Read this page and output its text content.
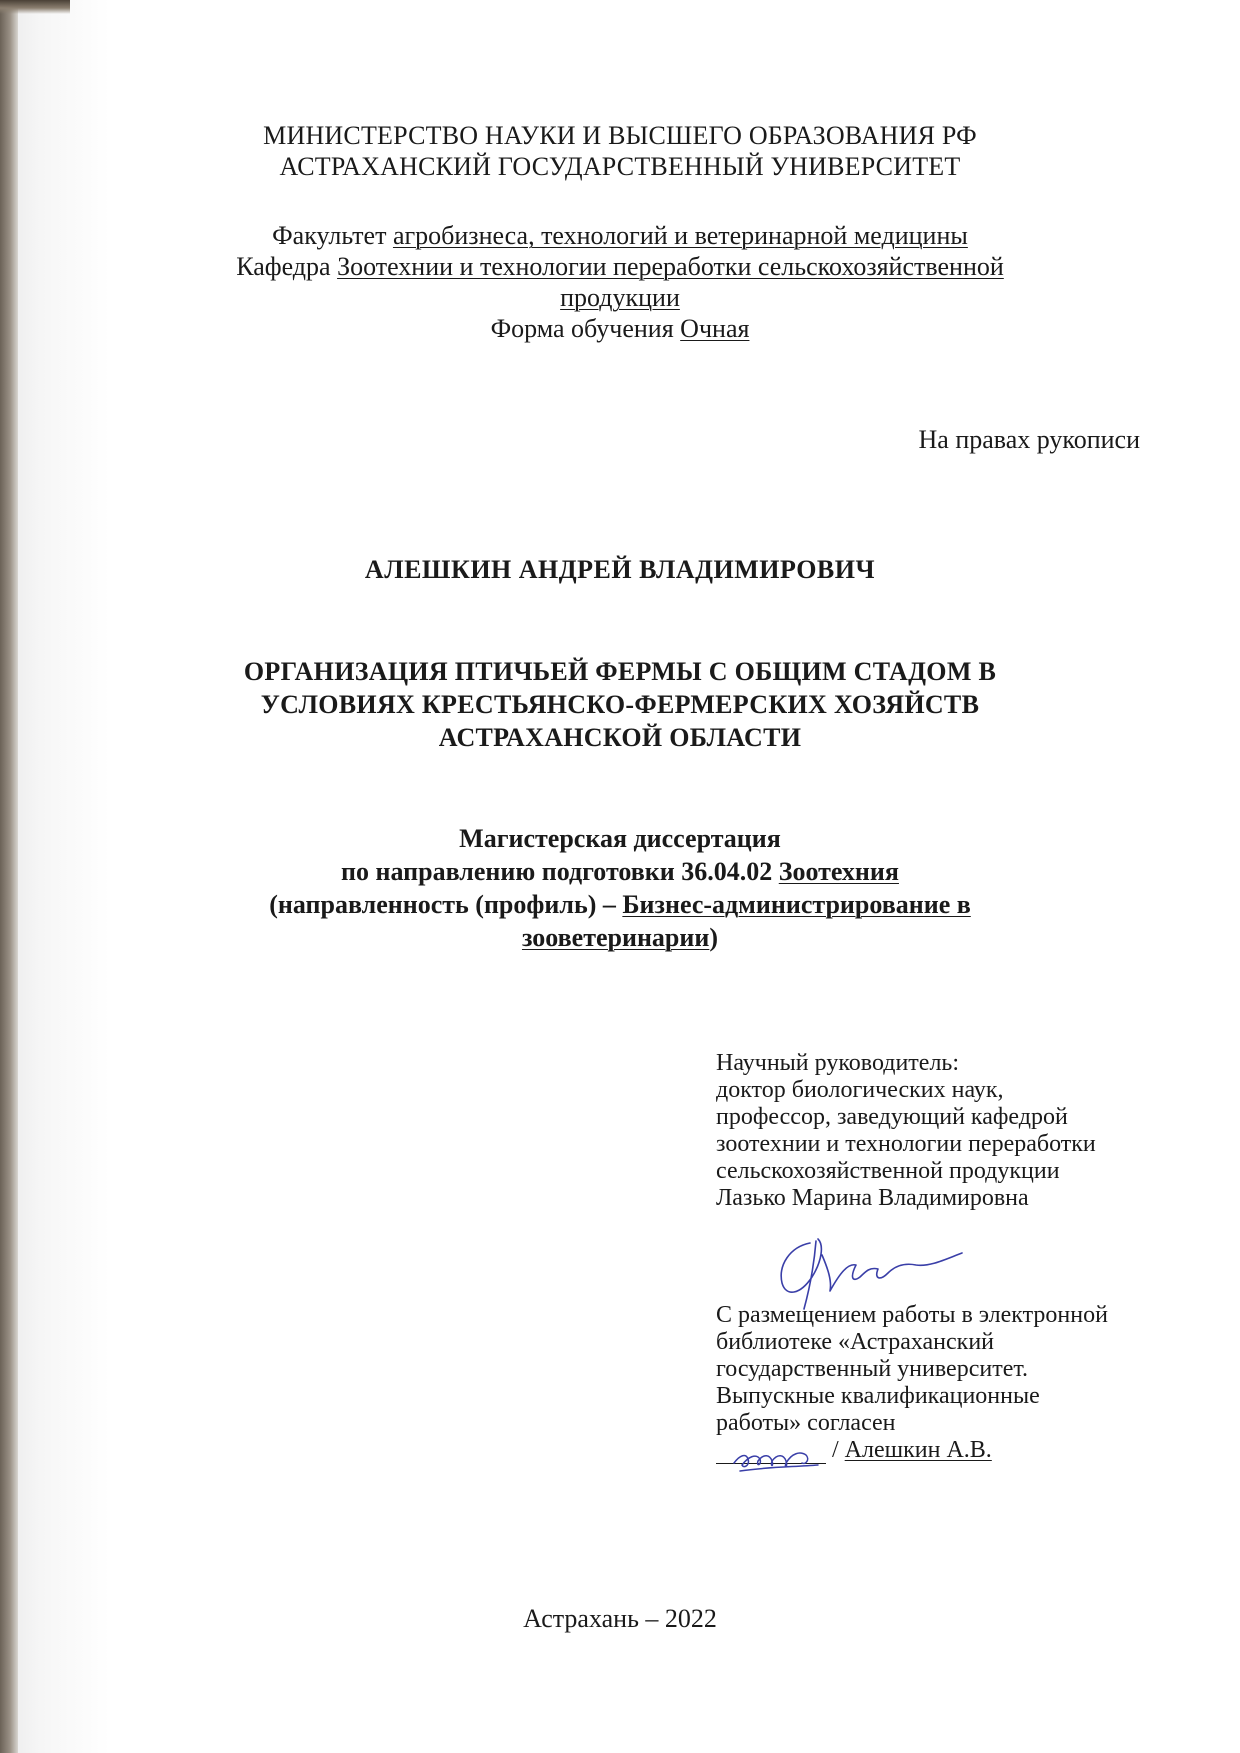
МИНИСТЕРСТВО НАУКИ И ВЫСШЕГО ОБРАЗОВАНИЯ РФ
АСТРАХАНСКИЙ ГОСУДАРСТВЕННЫЙ УНИВЕРСИТЕТ
Факультет агробизнеса, технологий и ветеринарной медицины
Кафедра Зоотехнии и технологии переработки сельскохозяйственной
продукции
Форма обучения Очная
На правах рукописи
АЛЕШКИН АНДРЕЙ ВЛАДИМИРОВИЧ
ОРГАНИЗАЦИЯ ПТИЧЬЕЙ ФЕРМЫ С ОБЩИМ СТАДОМ В
УСЛОВИЯХ КРЕСТЬЯНСКО-ФЕРМЕРСКИХ ХОЗЯЙСТВ
АСТРАХАНСКОЙ ОБЛАСТИ
Магистерская диссертация
по направлению подготовки 36.04.02 Зоотехния
(направленность (профиль) – Бизнес-администрирование в
зооветеринарии)
Научный руководитель:
доктор биологических наук,
профессор, заведующий кафедрой
зоотехнии и технологии переработки
сельскохозяйственной продукции
Лазько Марина Владимировна
С размещением работы в электронной
библиотеке «Астраханский
государственный университет.
Выпускные квалификационные
работы» согласен
/ Алешкин А.В.
Астрахань – 2022
